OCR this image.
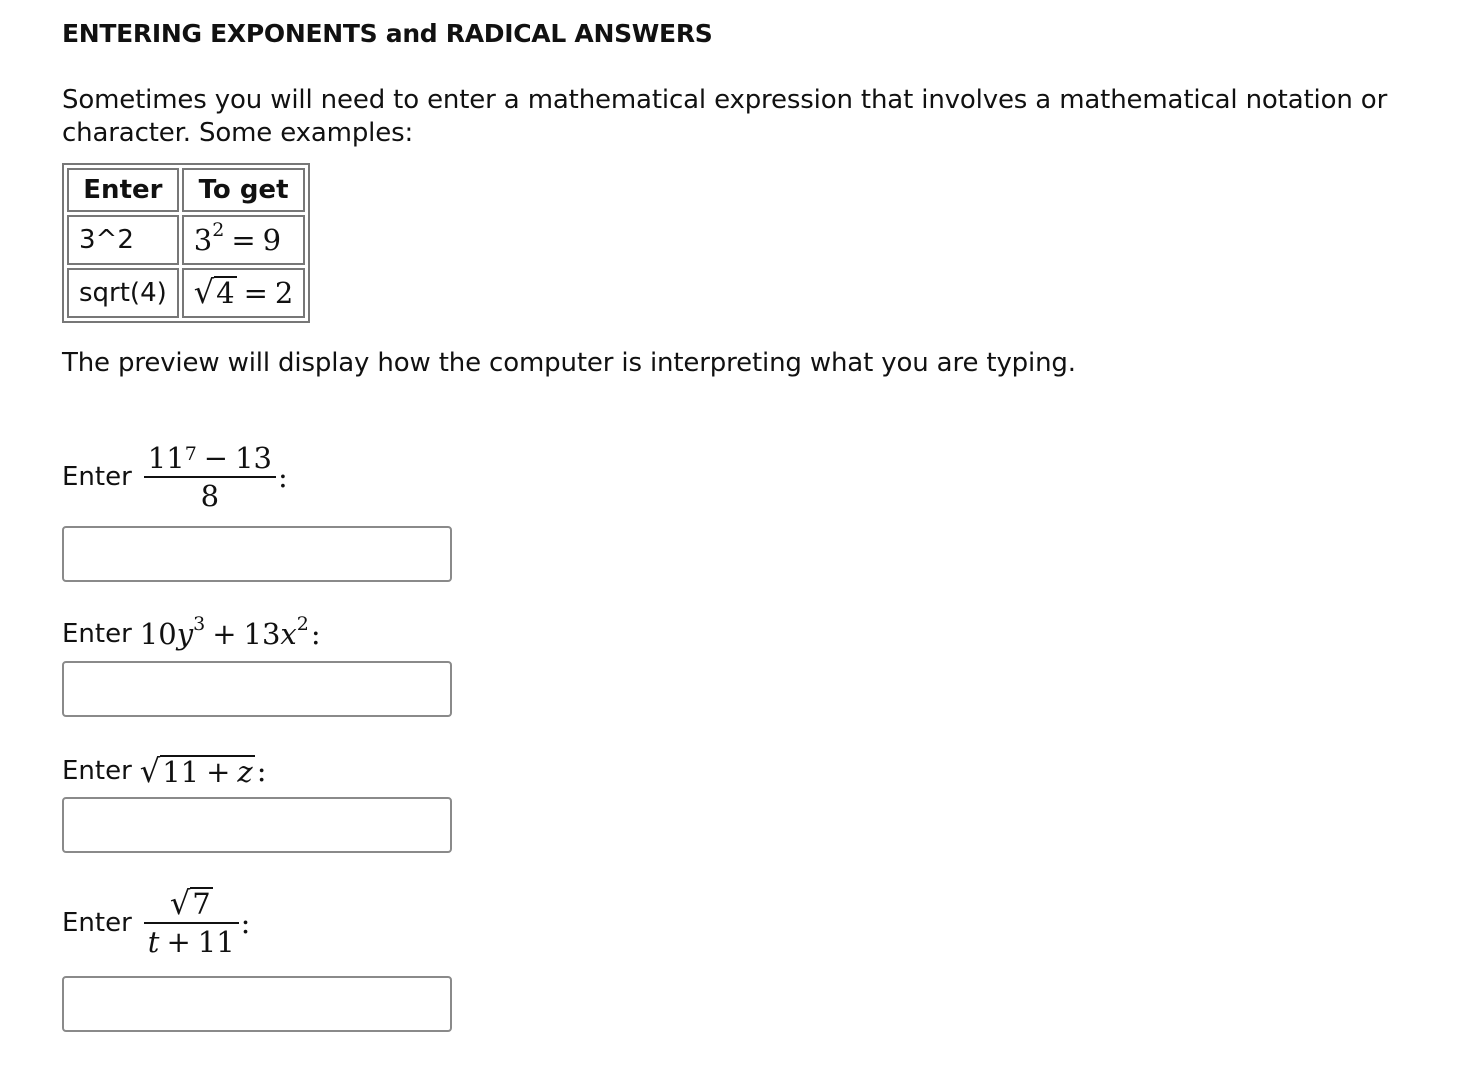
ENTERING EXPONENTS and RADICAL ANSWERS

Sometimes you will need to enter a mathematical expression that involves a mathematical notation or character. Some examples:

Enter	To get
3^2	$3^2 = 9$
sqrt(4)	√ 4 = 2

The preview will display how the computer is interpreting what you are typing.

Enter $\frac{11^7 - 13}{8}$ :
Enter $10y^3 + 13x^2$ :
Enter √ 11 + z :
Enter $\frac{√ 7}{t + 11}$ :
